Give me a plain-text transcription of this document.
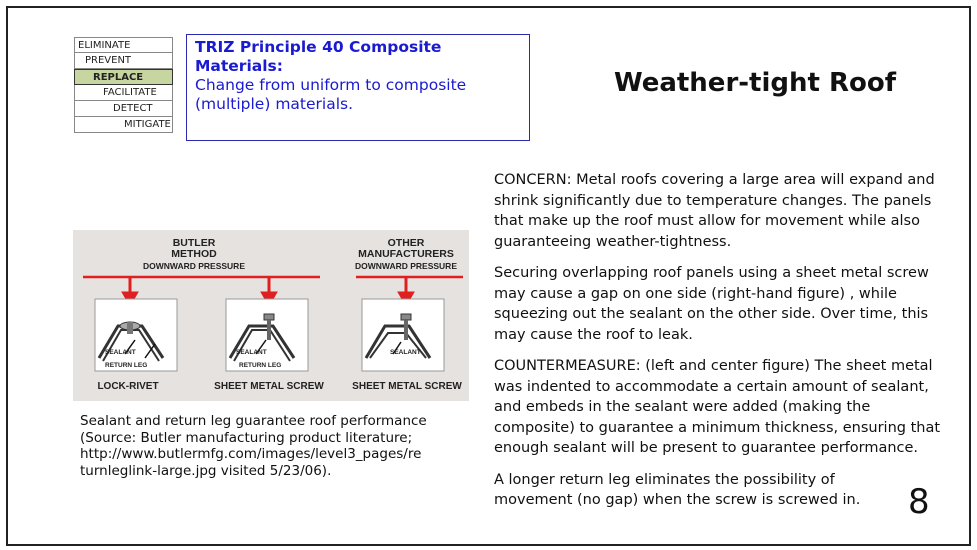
ELIMINATE
PREVENT
REPLACE
FACILITATE
DETECT
MITIGATE
TRIZ Principle 40 Composite Materials:
Change from uniform to composite (multiple) materials.
Weather-tight Roof

CONCERN: Metal roofs covering a large area will expand and shrink significantly due to temperature changes. The panels that make up the roof must allow for movement while also guaranteeing weather-tightness.

Securing overlapping roof panels using a sheet metal screw may cause a gap on one side (right-hand figure) , while squeezing out the sealant on the other side. Over time, this may cause the roof to leak.

COUNTERMEASURE: (left and center figure) The sheet metal was indented to accommodate a certain amount of sealant, and embeds in the sealant were added (making the composite) to guarantee a minimum thickness, ensuring that enough sealant will be present to guarantee performance.

A longer return leg eliminates the possibility of movement (no gap) when the screw is screwed in.	8
BUTLER
METHOD
DOWNWARD PRESSURE
OTHER
MANUFACTURERS
DOWNWARD PRESSURE
SEALANT
RETURN LEG
SEALANT
RETURN LEG
SEALANT
LOCK-RIVET	SHEET METAL SCREW	SHEET METAL SCREW
Sealant and return leg guarantee roof performance (Source: Butler manufacturing product literature; http://www.butlermfg.com/images/level3_pages/re turnleglink-large.jpg visited 5/23/06).
